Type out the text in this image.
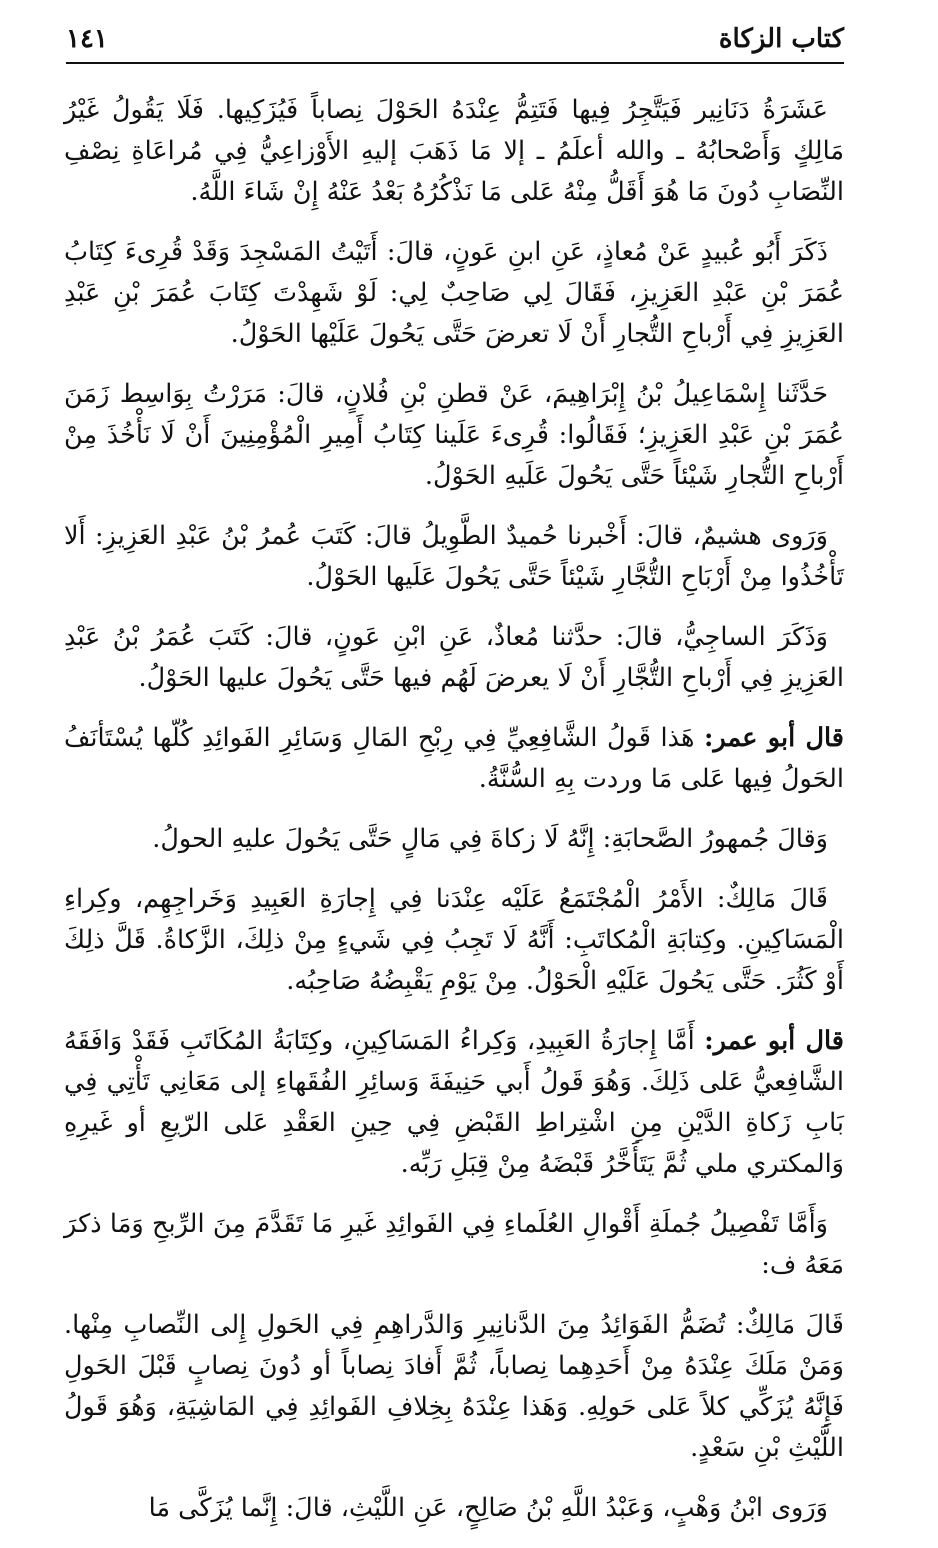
كتاب الزكاة
١٤١

عَشَرَةُ دَنَانِير فَيَتَّجِرُ فِيها فَتَتِمُّ عِنْدَهُ الحَوْلَ نِصاباً فَيُزَكِيها. فَلَا يَقُولُ غَيْرُ مَالِكٍ وَأَصْحابُهُ ـ والله أعلَمُ ـ إلا مَا ذَهَبَ إليهِ الأَوْزاعِيُّ فِي مُراعَاةِ نِصْفِ النِّصَابِ دُونَ مَا هُوَ أَقَلُّ مِنْهُ عَلى مَا نَذْكُرُهُ بَعْدُ عَنْهُ إِنْ شَاءَ اللَّهُ.

ذَكَرَ أَبُو عُبيدٍ عَنْ مُعاذٍ، عَنِ ابنِ عَونٍ، قالَ: أَتَيْتُ المَسْجِدَ وَقَدْ قُرِىءَ كِتَابُ عُمَرَ بْنِ عَبْدِ العَزِيزِ، فَقَالَ لِي صَاحِبٌ لِي: لَوْ شَهِدْتَ كِتَابَ عُمَرَ بْنِ عَبْدِ العَزِيزِ فِي أَرْباحِ التُّجارِ أَنْ لَا تعرضَ حَتَّى يَحُولَ عَلَيْها الحَوْلُ.

حَدَّثَنا إِسْمَاعِيلُ بْنُ إِبْرَاهِيمَ، عَنْ قطنِ بْنِ فُلانٍ، قالَ: مَرَرْتُ بِوَاسِط زَمَنَ عُمَرَ بْنِ عَبْدِ العَزِيزِ؛ فَقَالُوا: قُرِىءَ عَلَينا كِتَابُ أَمِيرِ الْمُؤْمِنِينَ أَنْ لَا نَأْخُذَ مِنْ أَرْباحِ التُّجارِ شَيْئاً حَتَّى يَحُولَ عَلَيهِ الحَوْلُ.

وَرَوى هشيمٌ، قالَ: أَخْبرنا حُميدٌ الطَّوِيلُ قالَ: كَتَبَ عُمرُ بْنُ عَبْدِ العَزِيزِ: أَلا تَأْخُذُوا مِنْ أَرْبَاحِ التُّجَّارِ شَيْئاً حَتَّى يَحُولَ عَلَيها الحَوْلُ.

وَذَكَرَ الساجِيُّ، قالَ: حدَّثنا مُعاذٌ، عَنِ ابْنِ عَونٍ، قالَ: كَتَبَ عُمَرُ بْنُ عَبْدِ العَزِيزِ فِي أَرْباحِ التُّجَّارِ أَنْ لَا يعرضَ لَهُم فيها حَتَّى يَحُولَ عليها الحَوْلُ.

قال أبو عمر: هَذا قَولُ الشَّافِعِيِّ فِي رِبْحِ المَالِ وَسَائِرِ الفَوائِدِ كُلّها يُسْتَأنَفُ الحَولُ فِيها عَلى مَا وردت بِهِ السُّنَّةُ.

وَقالَ جُمهورُ الصَّحابَةِ: إِنَّهُ لَا زكاةَ فِي مَالٍ حَتَّى يَحُولَ عليهِ الحولُ.

قَالَ مَالِكٌ: الأَمْرُ الْمُجْتَمَعُ عَلَيْه عِنْدَنا فِي إِجارَةِ العَبِيدِ وَخَراجِهِم، وكِراءِ الْمَسَاكِينِ. وكِتابَةِ الْمُكاتَبِ: أَنَّهُ لَا تَجِبُ فِي شَيءٍ مِنْ ذلِكَ، الزَّكاةُ. قَلَّ ذلِكَ أَوْ كَثُرَ. حَتَّى يَحُولَ عَلَيْهِ الْحَوْلُ. مِنْ يَوْمِ يَقْبِضُهُ صَاحِبُه.

قال أبو عمر: أَمَّا إِجارَةُ العَبِيدِ، وَكِراءُ المَسَاكِينِ، وكِتَابَةُ المُكَاتَبِ فَقَدْ وَافَقَهُ الشَّافِعيُّ عَلى ذَلِكَ. وَهُوَ قَولُ أَبي حَنِيفَةَ وَسائِرِ الفُقَهاءِ إلى مَعَانِي تَأْتِي فِي بَابِ زَكاةِ الدَّيْنِ مِنِ اشْتِراطِ القَبْضِ فِي حِينِ العَقْدِ عَلى الرّيعِ أو غَيرِهِ وَالمكتري ملي ثُمَّ يَتَأَخَّرُ قَبْضَهُ مِنْ قِبَلِ رَبِّه.

وَأَمَّا تَفْصِيلُ جُملَةِ أَقْوالِ العُلَماءِ فِي الفَوائِدِ غَيرِ مَا تَقَدَّمَ مِنَ الرِّبحِ وَمَا ذكرَ مَعَهُ ف:

قَالَ مَالِكٌ: تُضَمُّ الفَوَائِدُ مِنَ الدَّنانِيرِ وَالدَّراهِمِ فِي الحَولِ إِلى النِّصابِ مِنْها. وَمَنْ مَلَكَ عِنْدَهُ مِنْ أَحَدِهِما نِصاباً، ثُمَّ أَفادَ نِصاباً أو دُونَ نِصابٍ قَبْلَ الحَولِ فَإِنَّهُ يُزَكِّي كلاً عَلى حَولِهِ. وَهَذا عِنْدَهُ بِخِلافِ الفَوائِدِ فِي المَاشِيَةِ، وَهُوَ قَولُ اللَّيْثِ بْنِ سَعْدٍ.

وَرَوى ابْنُ وَهْبٍ، وَعَبْدُ اللَّهِ بْنُ صَالِحٍ، عَنِ اللَّيْثِ، قالَ: إِنَّما يُزَكَّى مَا
